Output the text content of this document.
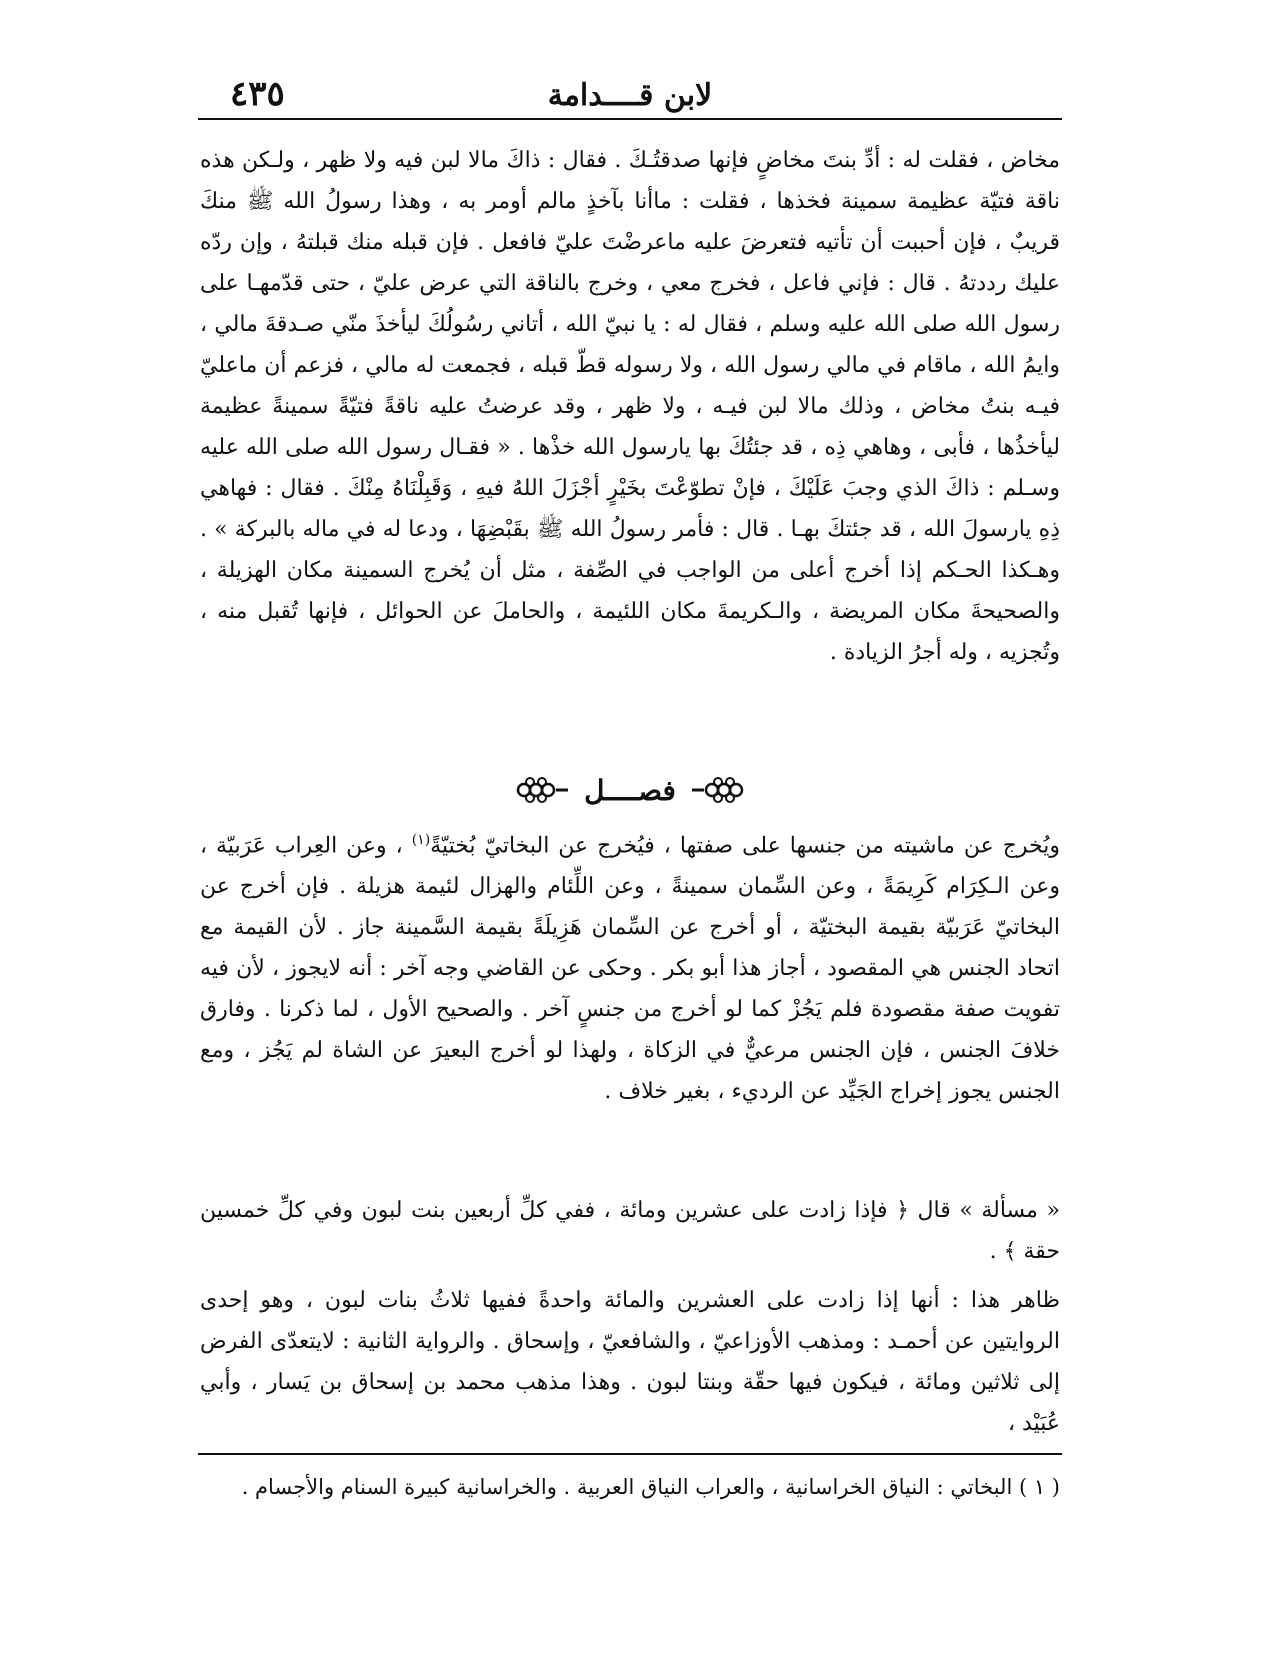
لابن قــــدامة
٤٣٥

مخاض ، فقلت له : أدِّ بنتَ مخاضٍ فإنها صدقتُـكَ . فقال : ذاكَ مالا لبن فيه ولا ظهر ، ولـكن هذه ناقة فتيّة عظيمة سمينة فخذها ، فقلت : ماأنا بآخذٍ مالم أومر به ، وهذا رسولُ الله ﷺ منكَ قريبٌ ، فإن أحببت أن تأتيه فتعرضَ عليه ماعرضْتَ عليّ فافعل . فإن قبله منك قبلتهُ ، وإن ردّه عليك رددتهُ . قال : فإني فاعل ، فخرج معي ، وخرج بالناقة التي عرض عليّ ، حتى قدّمهـا على رسول الله صلى الله عليه وسلم ، فقال له : يا نبيّ الله ، أتاني رسُولُكَ ليأخذَ منّي صـدقةَ مالي ، وايمُ الله ، ماقام في مالي رسول الله ، ولا رسوله قطّ قبله ، فجمعت له مالي ، فزعم أن ماعليّ فيـه بنتُ مخاض ، وذلك مالا لبن فيـه ، ولا ظهر ، وقد عرضتُ عليه ناقةً فتيّةً سمينةً عظيمة ليأخذُها ، فأبى ، وهاهي ذِه ، قد جئتُكَ بها يارسول الله خذْها . « فقـال رسول الله صلى الله عليه وسـلم : ذاكَ الذي وجبَ عَلَيْكَ ، فإنْ تطوّعْتَ بخَيْرٍ أجْزَلَ اللهُ فيهِ ، وَقَبِلْنَاهُ مِنْكَ . فقال : فهاهي ذِهِ يارسولَ الله ، قد جئتكَ بهـا . قال : فأمر رسولُ الله ﷺ بقَبْضِهَا ، ودعا له في ماله بالبركة » . وهـكذا الحـكم إذا أخرج أعلى من الواجب في الصِّفة ، مثل أن يُخرج السمينة مكان الهزيلة ، والصحيحةَ مكان المريضة ، والـكريمةَ مكان اللئيمة ، والحاملَ عن الحوائل ، فإنها تُقبل منه ، وتُجزيه ، وله أجرُ الزيادة .

فصــــل

ويُخرج عن ماشيته من جنسها على صفتها ، فيُخرج عن البخاتيّ بُختيّةً$^{(١)}$ ، وعن العِراب عَرَبيّة ، وعن الـكِرَام كَرِيمَةً ، وعن السِّمان سمينةً ، وعن اللِّئام والهزال لئيمة هزيلة . فإن أخرج عن البخاتيّ عَرَبيّة بقيمة البختيّة ، أو أخرج عن السِّمان هَزِيلَةً بقيمة السَّمينة جاز . لأن القيمة مع اتحاد الجنس هي المقصود ، أجاز هذا أبو بكر . وحكى عن القاضي وجه آخر : أنه لايجوز ، لأن فيه تفويت صفة مقصودة فلم يَجُزْ كما لو أخرج من جنسٍ آخر . والصحيح الأول ، لما ذكرنا . وفارق خلافَ الجنس ، فإن الجنس مرعيٌّ في الزكاة ، ولهذا لو أخرج البعيرَ عن الشاة لم يَجُز ، ومع الجنس يجوز إخراج الجَيِّد عن الرديء ، بغير خلاف .

« مسألة » قال ﴿ فإذا زادت على عشرين ومائة ، ففي كلِّ أربعين بنت لبون وفي كلِّ خمسين حقة ﴾ .

ظاهر هذا : أنها إذا زادت على العشرين والمائة واحدةً ففيها ثلاثُ بنات لبون ، وهو إحدى الروايتين عن أحمـد : ومذهب الأوزاعيّ ، والشافعيّ ، وإسحاق . والرواية الثانية : لايتعدّى الفرض إلى ثلاثين ومائة ، فيكون فيها حقّة وبنتا لبون . وهذا مذهب محمد بن إسحاق بن يَسار ، وأبي عُبَيْد ،

( ١ ) البخاتي : النياق الخراسانية ، والعراب النياق العربية . والخراسانية كبيرة السنام والأجسام .
